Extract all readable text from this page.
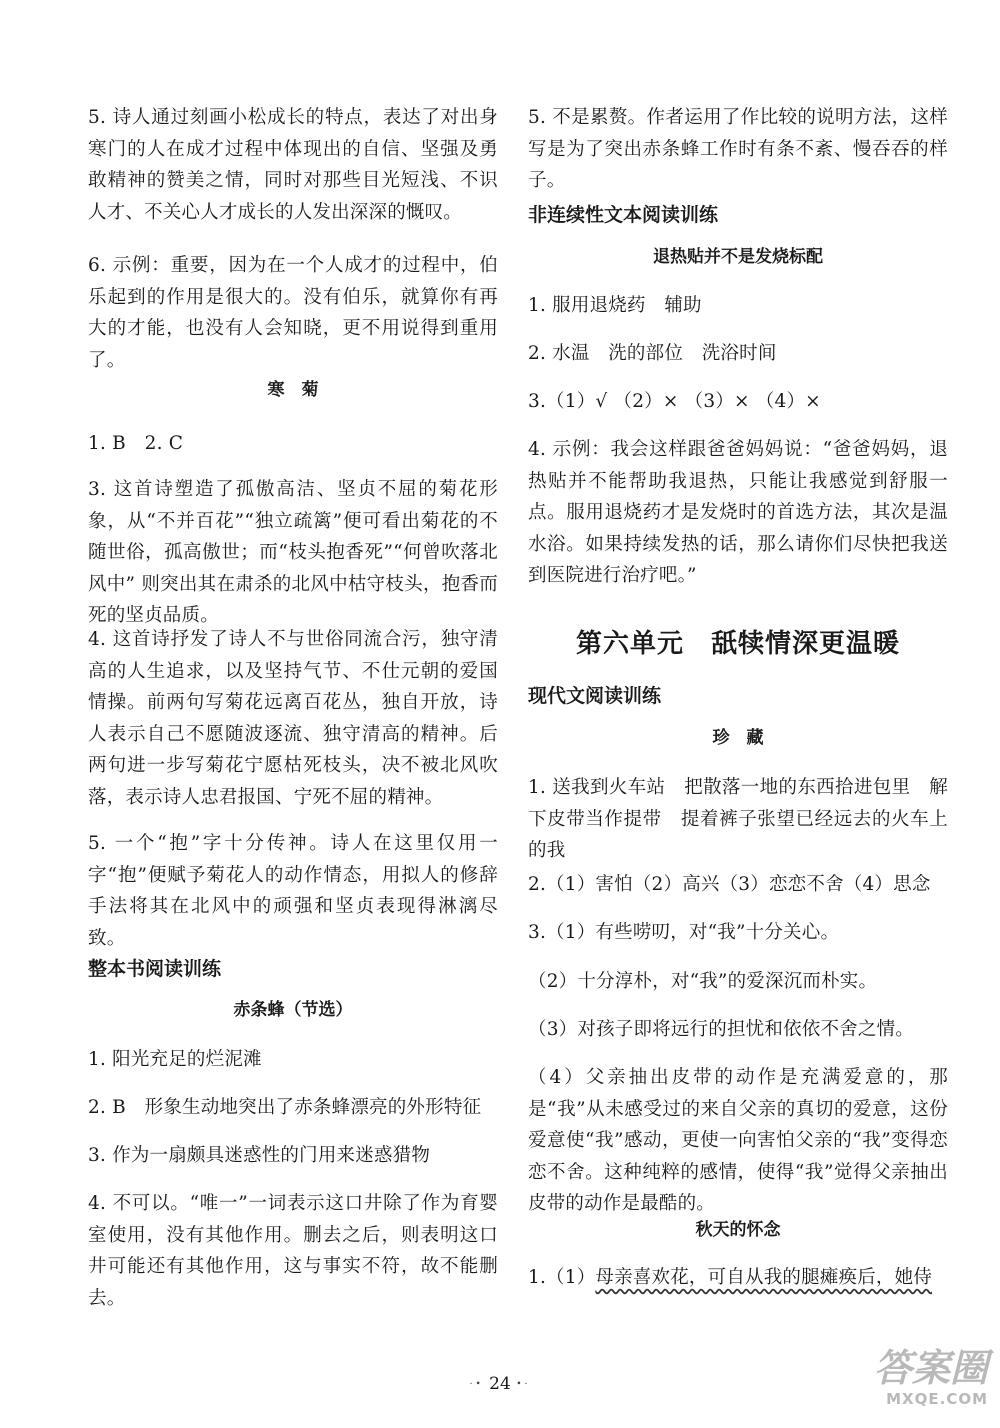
5. 诗人通过刻画小松成长的特点，表达了对出身寒门的人在成才过程中体现出的自信、坚强及勇敢精神的赞美之情，同时对那些目光短浅、不识人才、不关心人才成长的人发出深深的慨叹。

6. 示例：重要，因为在一个人成才的过程中，伯乐起到的作用是很大的。没有伯乐，就算你有再大的才能，也没有人会知晓，更不用说得到重用了。

寒　菊

1. B　2. C

3. 这首诗塑造了孤傲高洁、坚贞不屈的菊花形象，从“不并百花”“独立疏篱”便可看出菊花的不随世俗，孤高傲世；而“枝头抱香死”“何曾吹落北风中” 则突出其在肃杀的北风中枯守枝头，抱香而死的坚贞品质。

4. 这首诗抒发了诗人不与世俗同流合污，独守清高的人生追求，以及坚持气节、不仕元朝的爱国情操。前两句写菊花远离百花丛，独自开放，诗人表示自己不愿随波逐流、独守清高的精神。后两句进一步写菊花宁愿枯死枝头，决不被北风吹落，表示诗人忠君报国、宁死不屈的精神。

5. 一个“抱”字十分传神。诗人在这里仅用一字“抱”便赋予菊花人的动作情态，用拟人的修辞手法将其在北风中的顽强和坚贞表现得淋漓尽致。

整本书阅读训练
赤条蜂（节选）

1. 阳光充足的烂泥滩

2. B　形象生动地突出了赤条蜂漂亮的外形特征

3. 作为一扇颇具迷惑性的门用来迷惑猎物

4. 不可以。“唯一”一词表示这口井除了作为育婴室使用，没有其他作用。删去之后，则表明这口井可能还有其他作用，这与事实不符，故不能删去。

5. 不是累赘。作者运用了作比较的说明方法，这样写是为了突出赤条蜂工作时有条不紊、慢吞吞的样子。

非连续性文本阅读训练
退热贴并不是发烧标配

1. 服用退烧药　辅助

2. 水温　洗的部位　洗浴时间

3.（1）√ （2）× （3）× （4）×

4. 示例：我会这样跟爸爸妈妈说：“爸爸妈妈，退热贴并不能帮助我退热，只能让我感觉到舒服一点。服用退烧药才是发烧时的首选方法，其次是温水浴。如果持续发热的话，那么请你们尽快把我送到医院进行治疗吧。”

第六单元　舐犊情深更温暖
现代文阅读训练
珍　藏

1. 送我到火车站　把散落一地的东西拾进包里　解下皮带当作提带　提着裤子张望已经远去的火车上的我

2.（1）害怕（2）高兴（3）恋恋不舍（4）思念

3.（1）有些唠叨，对“我”十分关心。

（2）十分淳朴，对“我”的爱深沉而朴实。

（3）对孩子即将远行的担忧和依依不舍之情。

（4）父亲抽出皮带的动作是充满爱意的，那是“我”从未感受过的来自父亲的真切的爱意，这份爱意使“我”感动，更使一向害怕父亲的“我”变得恋恋不舍。这种纯粹的感情，使得“我”觉得父亲抽出皮带的动作是最酷的。

秋天的怀念

1.（1）母亲喜欢花，可自从我的腿瘫痪后，她侍

·• 24 •·	答案圈
MXQE.COM
